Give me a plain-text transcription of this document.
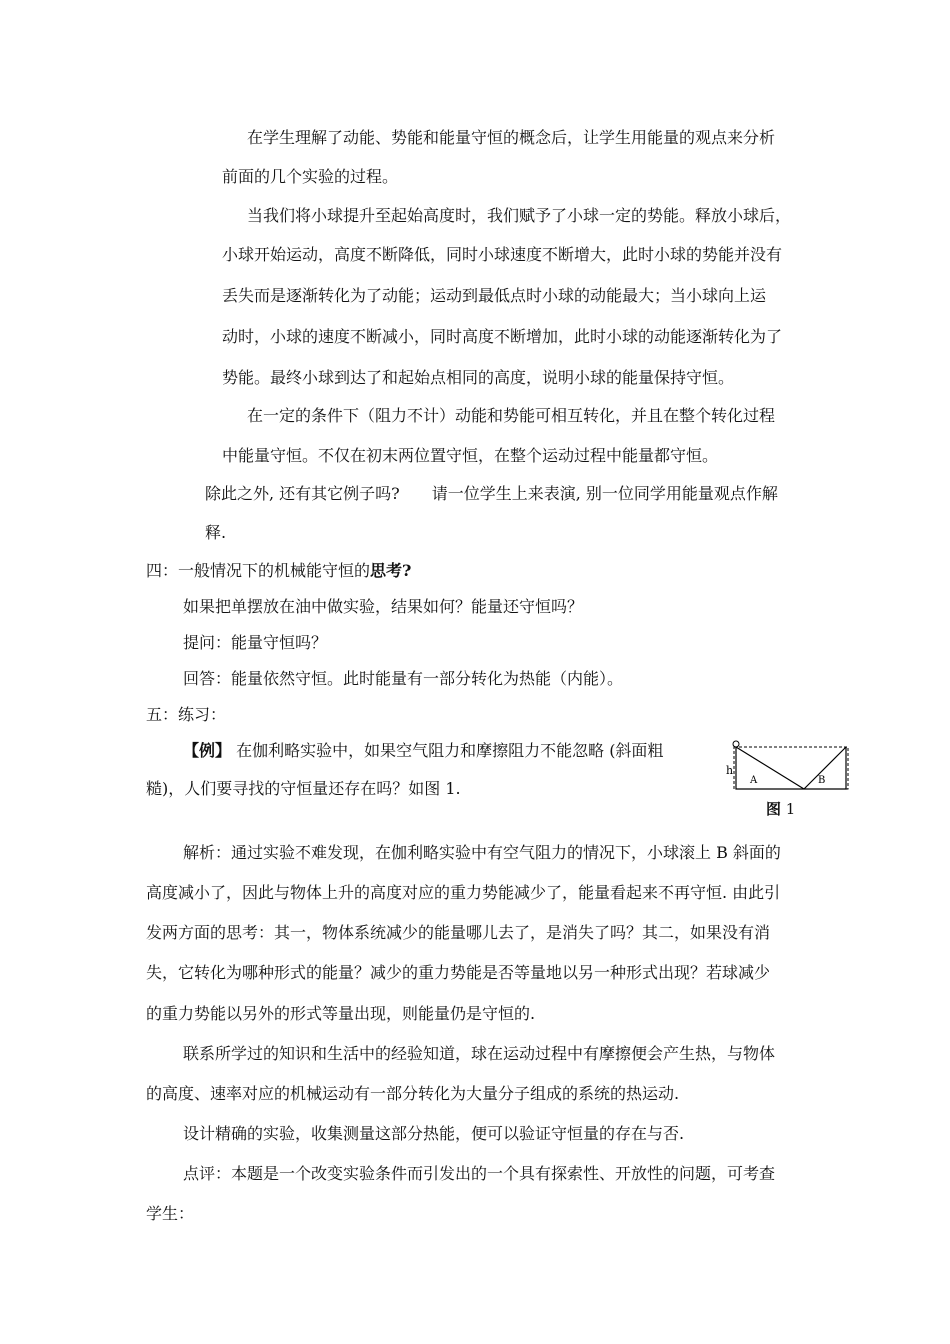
在学生理解了动能、势能和能量守恒的概念后，让学生用能量的观点来分析
前面的几个实验的过程。
当我们将小球提升至起始高度时，我们赋予了小球一定的势能。释放小球后，
小球开始运动，高度不断降低，同时小球速度不断增大，此时小球的势能并没有
丢失而是逐渐转化为了动能；运动到最低点时小球的动能最大；当小球向上运
动时，小球的速度不断减小，同时高度不断增加，此时小球的动能逐渐转化为了
势能。最终小球到达了和起始点相同的高度，说明小球的能量保持守恒。
在一定的条件下（阻力不计）动能和势能可相互转化，并且在整个转化过程
中能量守恒。不仅在初末两位置守恒，在整个运动过程中能量都守恒。
除此之外, 还有其它例子吗?　　请一位学生上来表演, 别一位同学用能量观点作解
释.
四：一般情况下的机械能守恒的思考?
如果把单摆放在油中做实验，结果如何？能量还守恒吗？
提问：能量守恒吗？
回答：能量依然守恒。此时能量有一部分转化为热能（内能）。
五：练习：
【例】 在伽利略实验中，如果空气阻力和摩擦阻力不能忽略 (斜面粗
糙)，人们要寻找的守恒量还存在吗？如图 1.
h
A	B
图 1
解析：通过实验不难发现，在伽利略实验中有空气阻力的情况下，小球滚上 B 斜面的
高度减小了，因此与物体上升的高度对应的重力势能减少了，能量看起来不再守恒. 由此引
发两方面的思考：其一，物体系统减少的能量哪儿去了，是消失了吗？其二，如果没有消
失，它转化为哪种形式的能量？减少的重力势能是否等量地以另一种形式出现？若球减少
的重力势能以另外的形式等量出现，则能量仍是守恒的.
联系所学过的知识和生活中的经验知道，球在运动过程中有摩擦便会产生热，与物体
的高度、速率对应的机械运动有一部分转化为大量分子组成的系统的热运动.
设计精确的实验，收集测量这部分热能，便可以验证守恒量的存在与否.
点评：本题是一个改变实验条件而引发出的一个具有探索性、开放性的问题，可考查
学生：
